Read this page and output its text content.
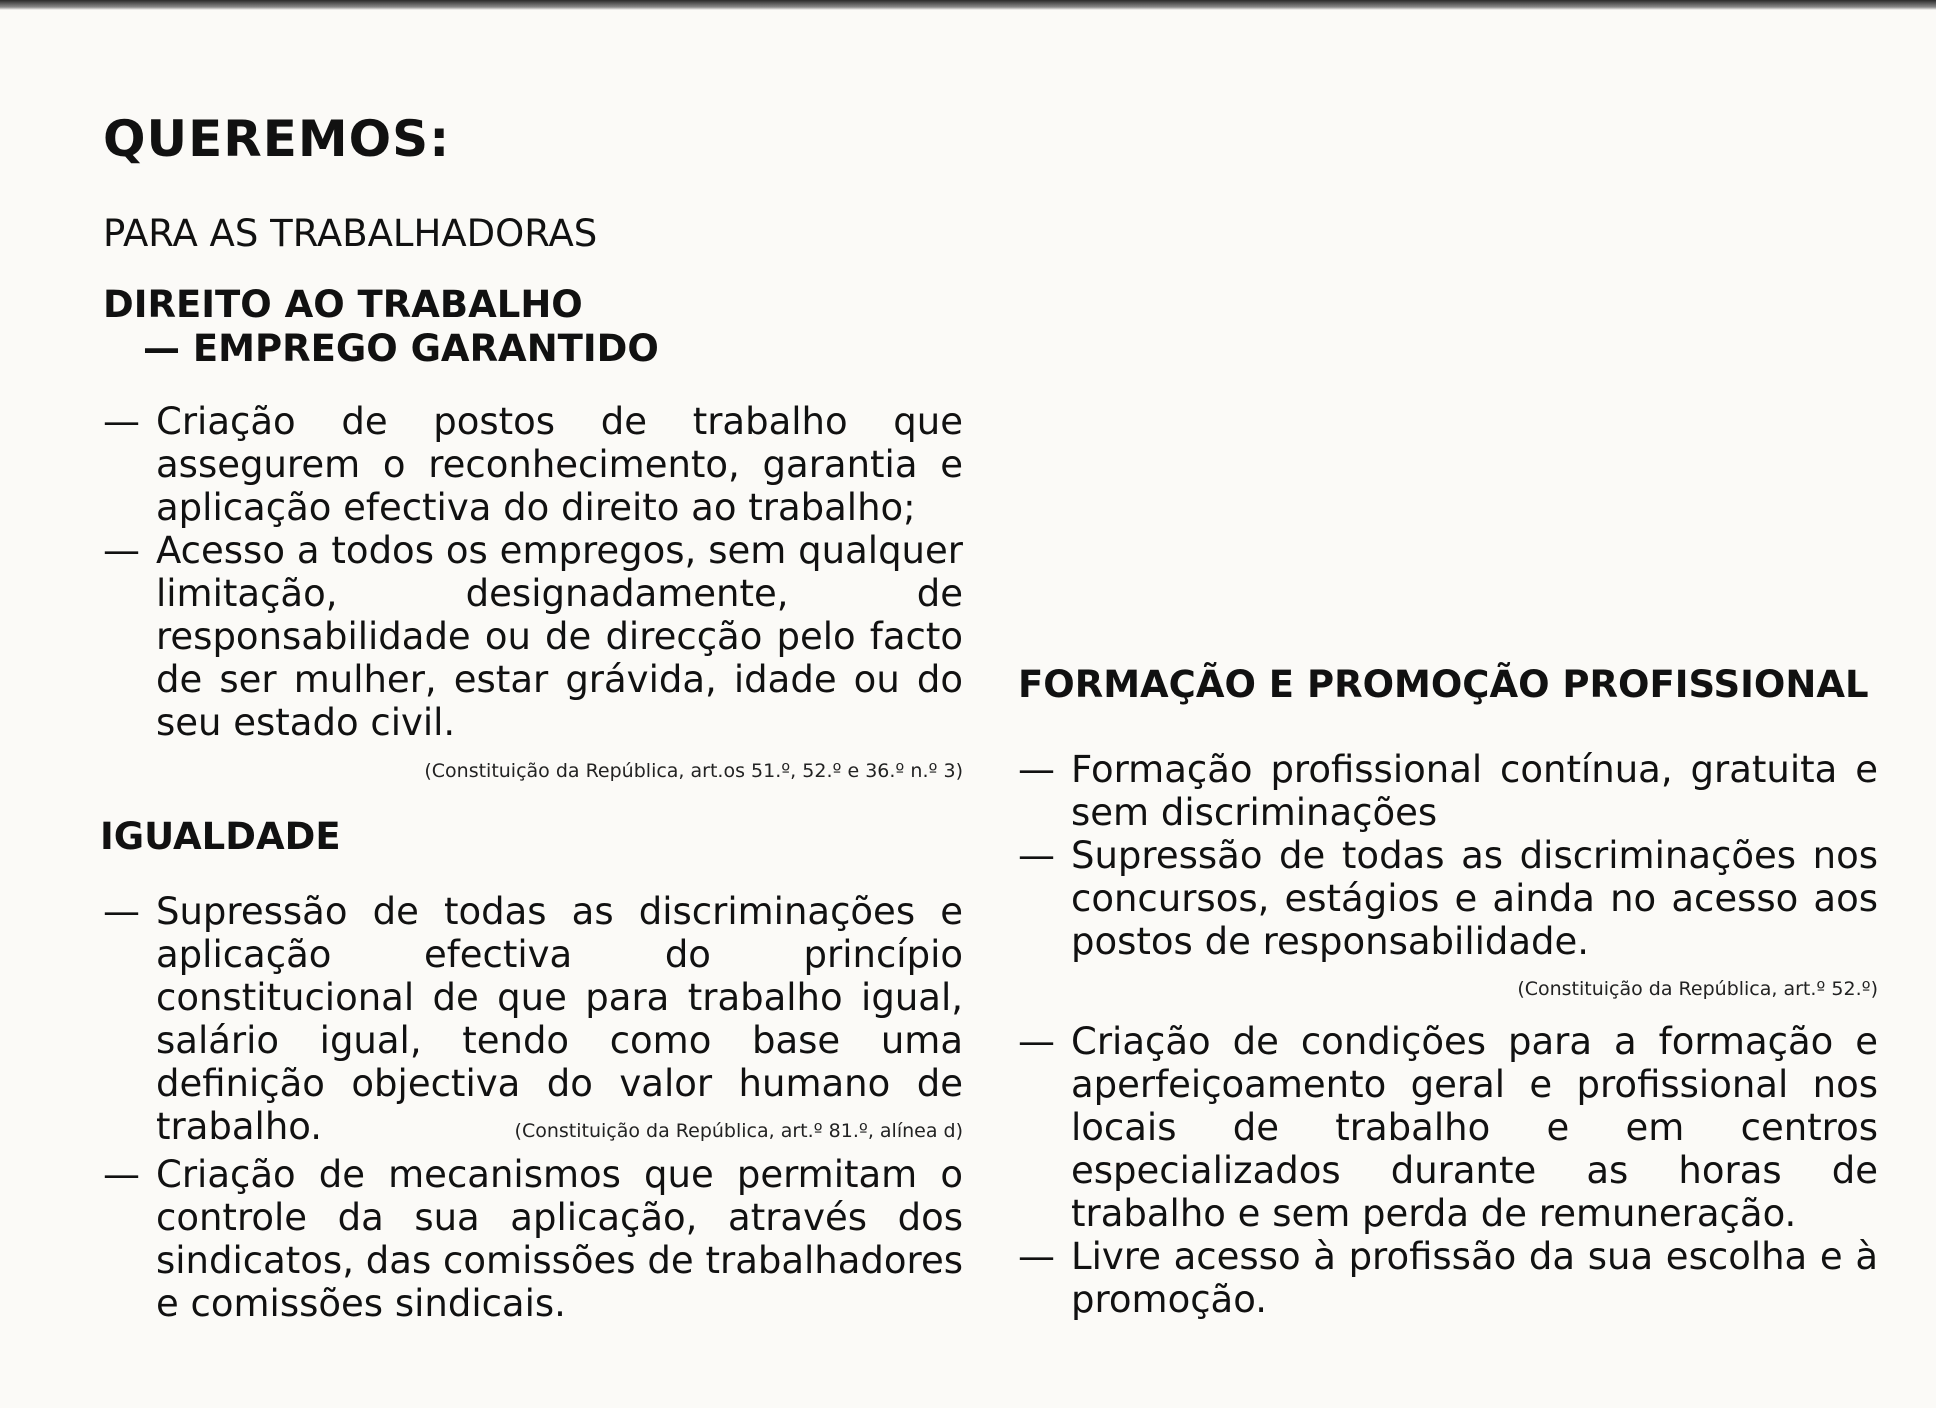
QUEREMOS:
PARA AS TRABALHADORAS
DIREITO AO TRABALHO
— EMPREGO GARANTIDO
— Criação de postos de trabalho que assegurem o reconhecimento, garantia e aplicação efectiva do direito ao trabalho;
— Acesso a todos os empregos, sem qualquer limitação, designadamente, de responsabilidade ou de direcção pelo facto de ser mulher, estar grávida, idade ou do seu estado civil.
(Constituição da República, art.os 51.º, 52.º e 36.º n.º 3)
IGUALDADE
— Supressão de todas as discriminações e aplicação efectiva do princípio constitucional de que para trabalho igual, salário igual, tendo como base uma definição objectiva do valor humano de trabalho.	(Constituição da República, art.º 81.º, alínea d)
— Criação de mecanismos que permitam o controle da sua aplicação, através dos sindicatos, das comissões de trabalhadores e comissões sindicais.
FORMAÇÃO E PROMOÇÃO PROFISSIONAL
— Formação profissional contínua, gratuita e sem discriminações
— Supressão de todas as discriminações nos concursos, estágios e ainda no acesso aos postos de responsabilidade.
(Constituição da República, art.º 52.º)
— Criação de condições para a formação e aperfeiçoamento geral e profissional nos locais de trabalho e em centros especializados durante as horas de trabalho e sem perda de remuneração.
— Livre acesso à profissão da sua escolha e à promoção.
